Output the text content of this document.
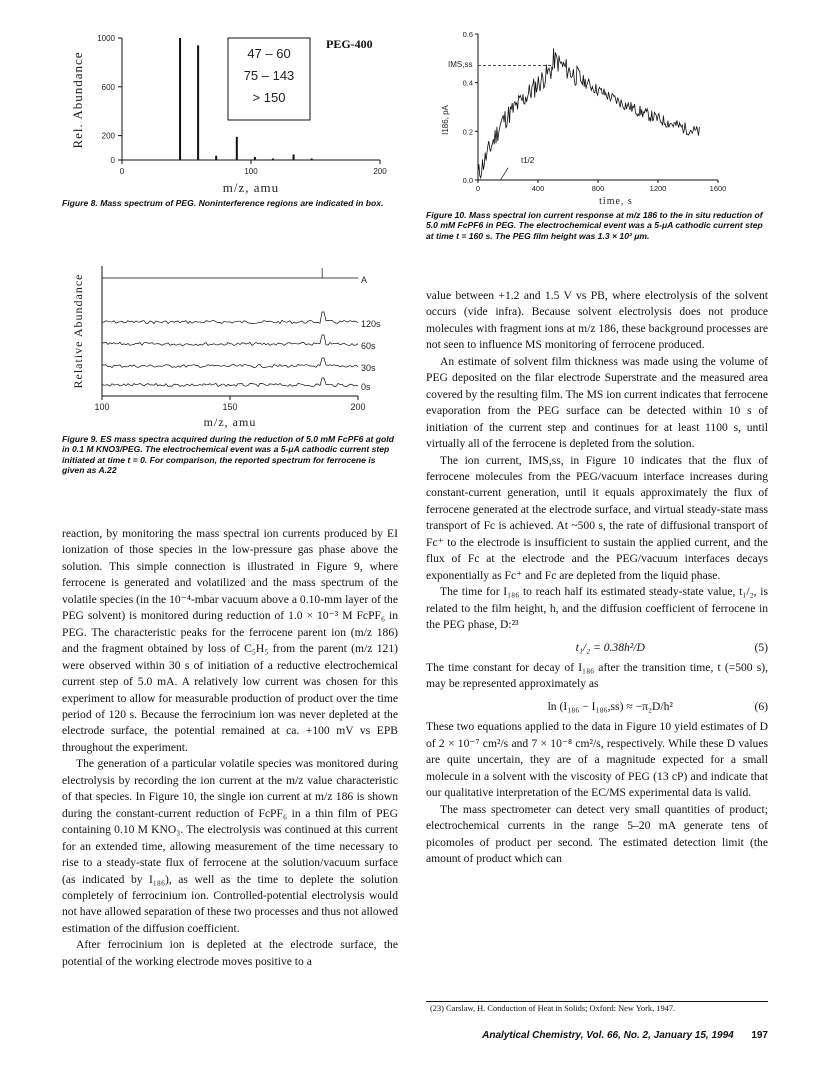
0
200
600
1000
0	100	200
47 – 60
75 – 143
> 150
PEG-400
Rel. Abundance
m/z, amu
Figure 8. Mass spectrum of PEG. Noninterference regions are indicated in box.
100	150	200
A
120s
60s
30s
0s
Relative Abundance
m/z, amu
Figure 9. ES mass spectra acquired during the reduction of 5.0 mM FcPF6 at gold in 0.1 M KNO3/PEG. The electrochemical event was a 5-μA cathodic current step initiated at time t = 0. For comparison, the reported spectrum for ferrocene is given as A.22
0.0
0.2
0.4
0.6
0	400	800	1200	1600
IMS,ss
t1/2
I186, pA
time, s
Figure 10. Mass spectral ion current response at m/z 186 to the in situ reduction of 5.0 mM FcPF6 in PEG. The electrochemical event was a 5-μA cathodic current step at time t = 160 s. The PEG film height was 1.3 × 10² μm.

reaction, by monitoring the mass spectral ion currents produced by EI ionization of those species in the low-pressure gas phase above the solution. This simple connection is illustrated in Figure 9, where ferrocene is generated and volatilized and the mass spectrum of the volatile species (in the 10⁻⁴-mbar vacuum above a 0.10-mm layer of the PEG solvent) is monitored during reduction of 1.0 × 10⁻³ M FcPF₆ in PEG. The characteristic peaks for the ferrocene parent ion (m/z 186) and the fragment obtained by loss of C₅H₅ from the parent (m/z 121) were observed within 30 s of initiation of a reductive electrochemical current step of 5.0 mA. A relatively low current was chosen for this experiment to allow for measurable production of product over the time period of 120 s. Because the ferrocinium ion was never depleted at the electrode surface, the potential remained at ca. +100 mV vs EPB throughout the experiment.

The generation of a particular volatile species was monitored during electrolysis by recording the ion current at the m/z value characteristic of that species. In Figure 10, the single ion current at m/z 186 is shown during the constant-current reduction of FcPF₆ in a thin film of PEG containing 0.10 M KNO₃. The electrolysis was continued at this current for an extended time, allowing measurement of the time necessary to rise to a steady-state flux of ferrocene at the solution/vacuum surface (as indicated by I₁₈₆), as well as the time to deplete the solution completely of ferrocinium ion. Controlled-potential electrolysis would not have allowed separation of these two processes and thus not allowed estimation of the diffusion coefficient.

After ferrocinium ion is depleted at the electrode surface, the potential of the working electrode moves positive to a

value between +1.2 and 1.5 V vs PB, where electrolysis of the solvent occurs (vide infra). Because solvent electrolysis does not produce molecules with fragment ions at m/z 186, these background processes are not seen to influence MS monitoring of ferrocene produced.

An estimate of solvent film thickness was made using the volume of PEG deposited on the filar electrode Superstrate and the measured area covered by the resulting film. The MS ion current indicates that ferrocene evaporation from the PEG surface can be detected within 10 s of initiation of the current step and continues for at least 1100 s, until virtually all of the ferrocene is depleted from the solution.

The ion current, IMS,ss, in Figure 10 indicates that the flux of ferrocene molecules from the PEG/vacuum interface increases during constant-current generation, until it equals approximately the flux of ferrocene generated at the electrode surface, and virtual steady-state mass transport of Fc is achieved. At ~500 s, the rate of diffusional transport of Fc⁺ to the electrode is insufficient to sustain the applied current, and the flux of Fc at the electrode and the PEG/vacuum interfaces decays exponentially as Fc⁺ and Fc are depleted from the liquid phase.

The time for I₁₈₆ to reach half its estimated steady-state value, t₁/₂, is related to the film height, h, and the diffusion coefficient of ferrocene in the PEG phase, D:²³

t₁/₂ = 0.38h²/D	(5)

The time constant for decay of I₁₈₆ after the transition time, t (=500 s), may be represented approximately as

ln (I₁₈₆ − I₁₈₆,ss) ≈ −π₂D/h²	(6)

These two equations applied to the data in Figure 10 yield estimates of D of 2 × 10⁻⁷ cm²/s and 7 × 10⁻⁸ cm²/s, respectively. While these D values are quite uncertain, they are of a magnitude expected for a small molecule in a solvent with the viscosity of PEG (13 cP) and indicate that our qualitative interpretation of the EC/MS experimental data is valid.

The mass spectrometer can detect very small quantities of product; electrochemical currents in the range 5–20 mA generate tens of picomoles of product per second. The estimated detection limit (the amount of product which can

(23) Carslaw, H. Conduction of Heat in Solids; Oxford: New York, 1947.
Analytical Chemistry, Vol. 66, No. 2, January 15, 1994 197
